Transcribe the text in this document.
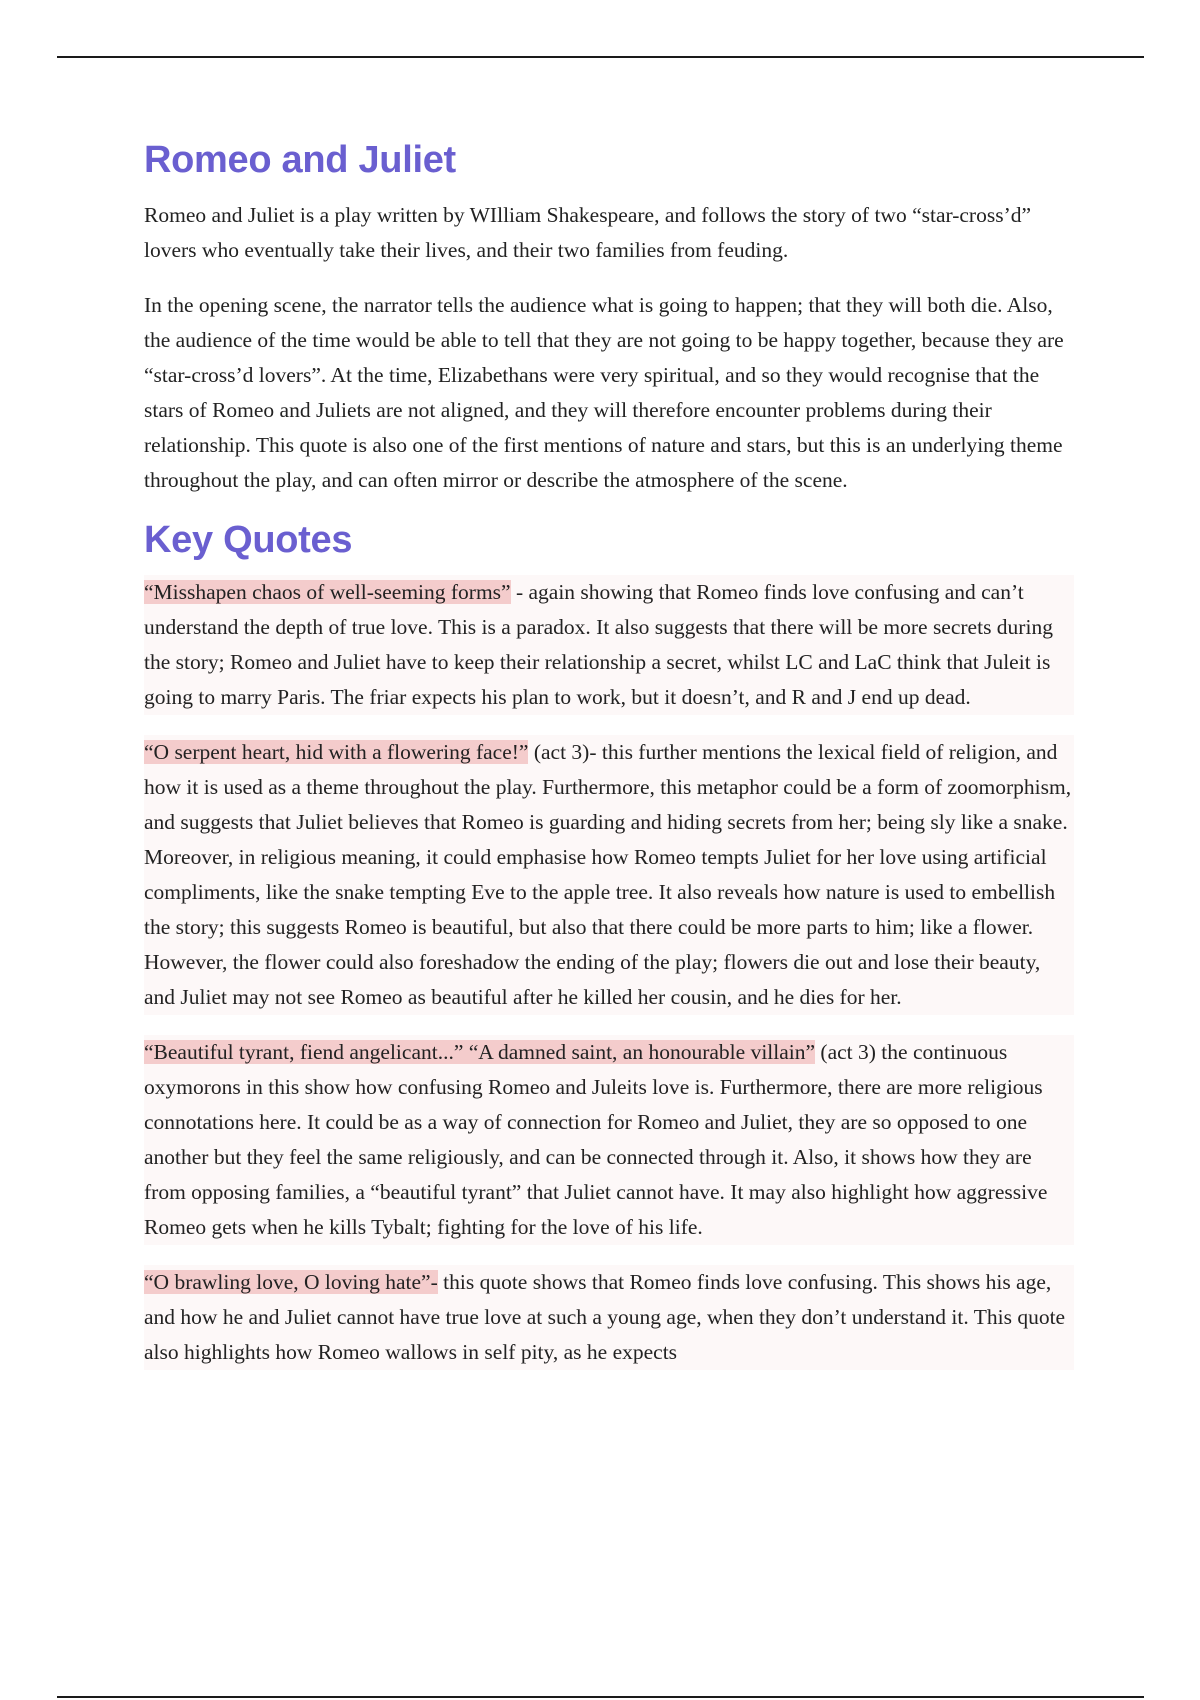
Romeo and Juliet

Romeo and Juliet is a play written by WIlliam Shakespeare, and follows the story of two “star-cross’d” lovers who eventually take their lives, and their two families from feuding.

In the opening scene, the narrator tells the audience what is going to happen; that they will both die. Also, the audience of the time would be able to tell that they are not going to be happy together, because they are “star-cross’d lovers”. At the time, Elizabethans were very spiritual, and so they would recognise that the stars of Romeo and Juliets are not aligned, and they will therefore encounter problems during their relationship. This quote is also one of the first mentions of nature and stars, but this is an underlying theme throughout the play, and can often mirror or describe the atmosphere of the scene.

Key Quotes

“Misshapen chaos of well-seeming forms” - again showing that Romeo finds love confusing and can’t understand the depth of true love. This is a paradox. It also suggests that there will be more secrets during the story; Romeo and Juliet have to keep their relationship a secret, whilst LC and LaC think that Juleit is going to marry Paris. The friar expects his plan to work, but it doesn’t, and R and J end up dead.

“O serpent heart, hid with a flowering face!” (act 3)- this further mentions the lexical field of religion, and how it is used as a theme throughout the play. Furthermore, this metaphor could be a form of zoomorphism, and suggests that Juliet believes that Romeo is guarding and hiding secrets from her; being sly like a snake. Moreover, in religious meaning, it could emphasise how Romeo tempts Juliet for her love using artificial compliments, like the snake tempting Eve to the apple tree. It also reveals how nature is used to embellish the story; this suggests Romeo is beautiful, but also that there could be more parts to him; like a flower. However, the flower could also foreshadow the ending of the play; flowers die out and lose their beauty, and Juliet may not see Romeo as beautiful after he killed her cousin, and he dies for her.

“Beautiful tyrant, fiend angelicant...” “A damned saint, an honourable villain” (act 3) the continuous oxymorons in this show how confusing Romeo and Juleits love is. Furthermore, there are more religious connotations here. It could be as a way of connection for Romeo and Juliet, they are so opposed to one another but they feel the same religiously, and can be connected through it. Also, it shows how they are from opposing families, a “beautiful tyrant” that Juliet cannot have. It may also highlight how aggressive Romeo gets when he kills Tybalt; fighting for the love of his life.

“O brawling love, O loving hate”- this quote shows that Romeo finds love confusing. This shows his age, and how he and Juliet cannot have true love at such a young age, when they don’t understand it. This quote also highlights how Romeo wallows in self pity, as he expects
